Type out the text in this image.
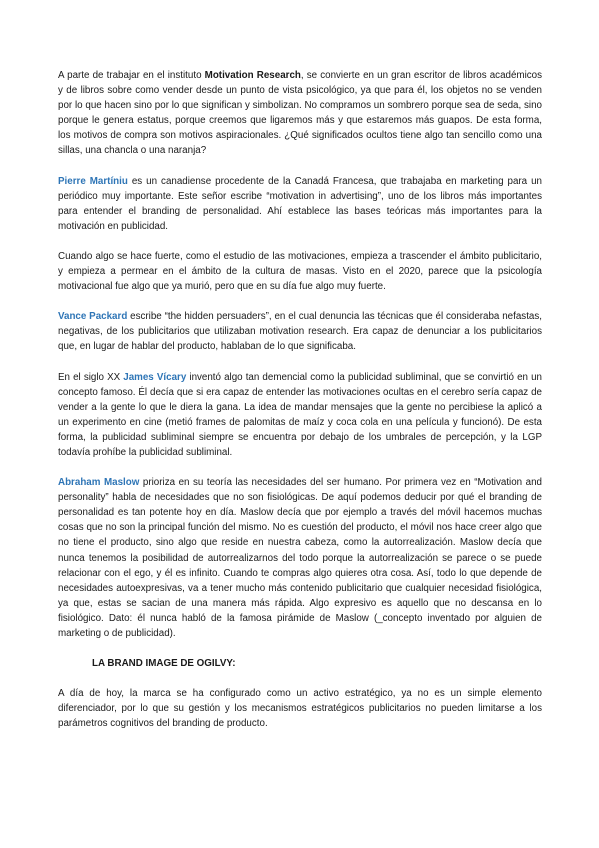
A parte de trabajar en el instituto Motivation Research, se convierte en un gran escritor de libros académicos y de libros sobre como vender desde un punto de vista psicológico, ya que para él, los objetos no se venden por lo que hacen sino por lo que significan y simbolizan. No compramos un sombrero porque sea de seda, sino porque le genera estatus, porque creemos que ligaremos más y que estaremos más guapos. De esta forma, los motivos de compra son motivos aspiracionales. ¿Qué significados ocultos tiene algo tan sencillo como una sillas, una chancla o una naranja?

Pierre Martíniu es un canadiense procedente de la Canadá Francesa, que trabajaba en marketing para un periódico muy importante. Este señor escribe “motivation in advertising”, uno de los libros más importantes para entender el branding de personalidad. Ahí establece las bases teóricas más importantes para la motivación en publicidad.

Cuando algo se hace fuerte, como el estudio de las motivaciones, empieza a trascender el ámbito publicitario, y empieza a permear en el ámbito de la cultura de masas. Visto en el 2020, parece que la psicología motivacional fue algo que ya murió, pero que en su día fue algo muy fuerte.

Vance Packard escribe “the hidden persuaders”, en el cual denuncia las técnicas que él consideraba nefastas, negativas, de los publicitarios que utilizaban motivation research. Era capaz de denunciar a los publicitarios que, en lugar de hablar del producto, hablaban de lo que significaba.

En el siglo XX James Vícary inventó algo tan demencial como la publicidad subliminal, que se convirtió en un concepto famoso. Él decía que si era capaz de entender las motivaciones ocultas en el cerebro sería capaz de vender a la gente lo que le diera la gana. La idea de mandar mensajes que la gente no percibiese la aplicó a un experimento en cine (metió frames de palomitas de maíz y coca cola en una película y funcionó). De esta forma, la publicidad subliminal siempre se encuentra por debajo de los umbrales de percepción, y la LGP todavía prohíbe la publicidad subliminal.

Abraham Maslow prioriza en su teoría las necesidades del ser humano. Por primera vez en “Motivation and personality” habla de necesidades que no son fisiológicas. De aquí podemos deducir por qué el branding de personalidad es tan potente hoy en día. Maslow decía que por ejemplo a través del móvil hacemos muchas cosas que no son la principal función del mismo. No es cuestión del producto, el móvil nos hace creer algo que no tiene el producto, sino algo que reside en nuestra cabeza, como la autorrealización. Maslow decía que nunca tenemos la posibilidad de autorrealizarnos del todo porque la autorrealización se parece o se puede relacionar con el ego, y él es infinito. Cuando te compras algo quieres otra cosa. Así, todo lo que depende de necesidades autoexpresivas, va a tener mucho más contenido publicitario que cualquier necesidad fisiológica, ya que, estas se sacian de una manera más rápida. Algo expresivo es aquello que no descansa en lo fisiológico. Dato: él nunca habló de la famosa pirámide de Maslow (_concepto inventado por alguien de marketing o de publicidad).

LA BRAND IMAGE DE OGILVY:

A día de hoy, la marca se ha configurado como un activo estratégico, ya no es un simple elemento diferenciador, por lo que su gestión y los mecanismos estratégicos publicitarios no pueden limitarse a los parámetros cognitivos del branding de producto.
